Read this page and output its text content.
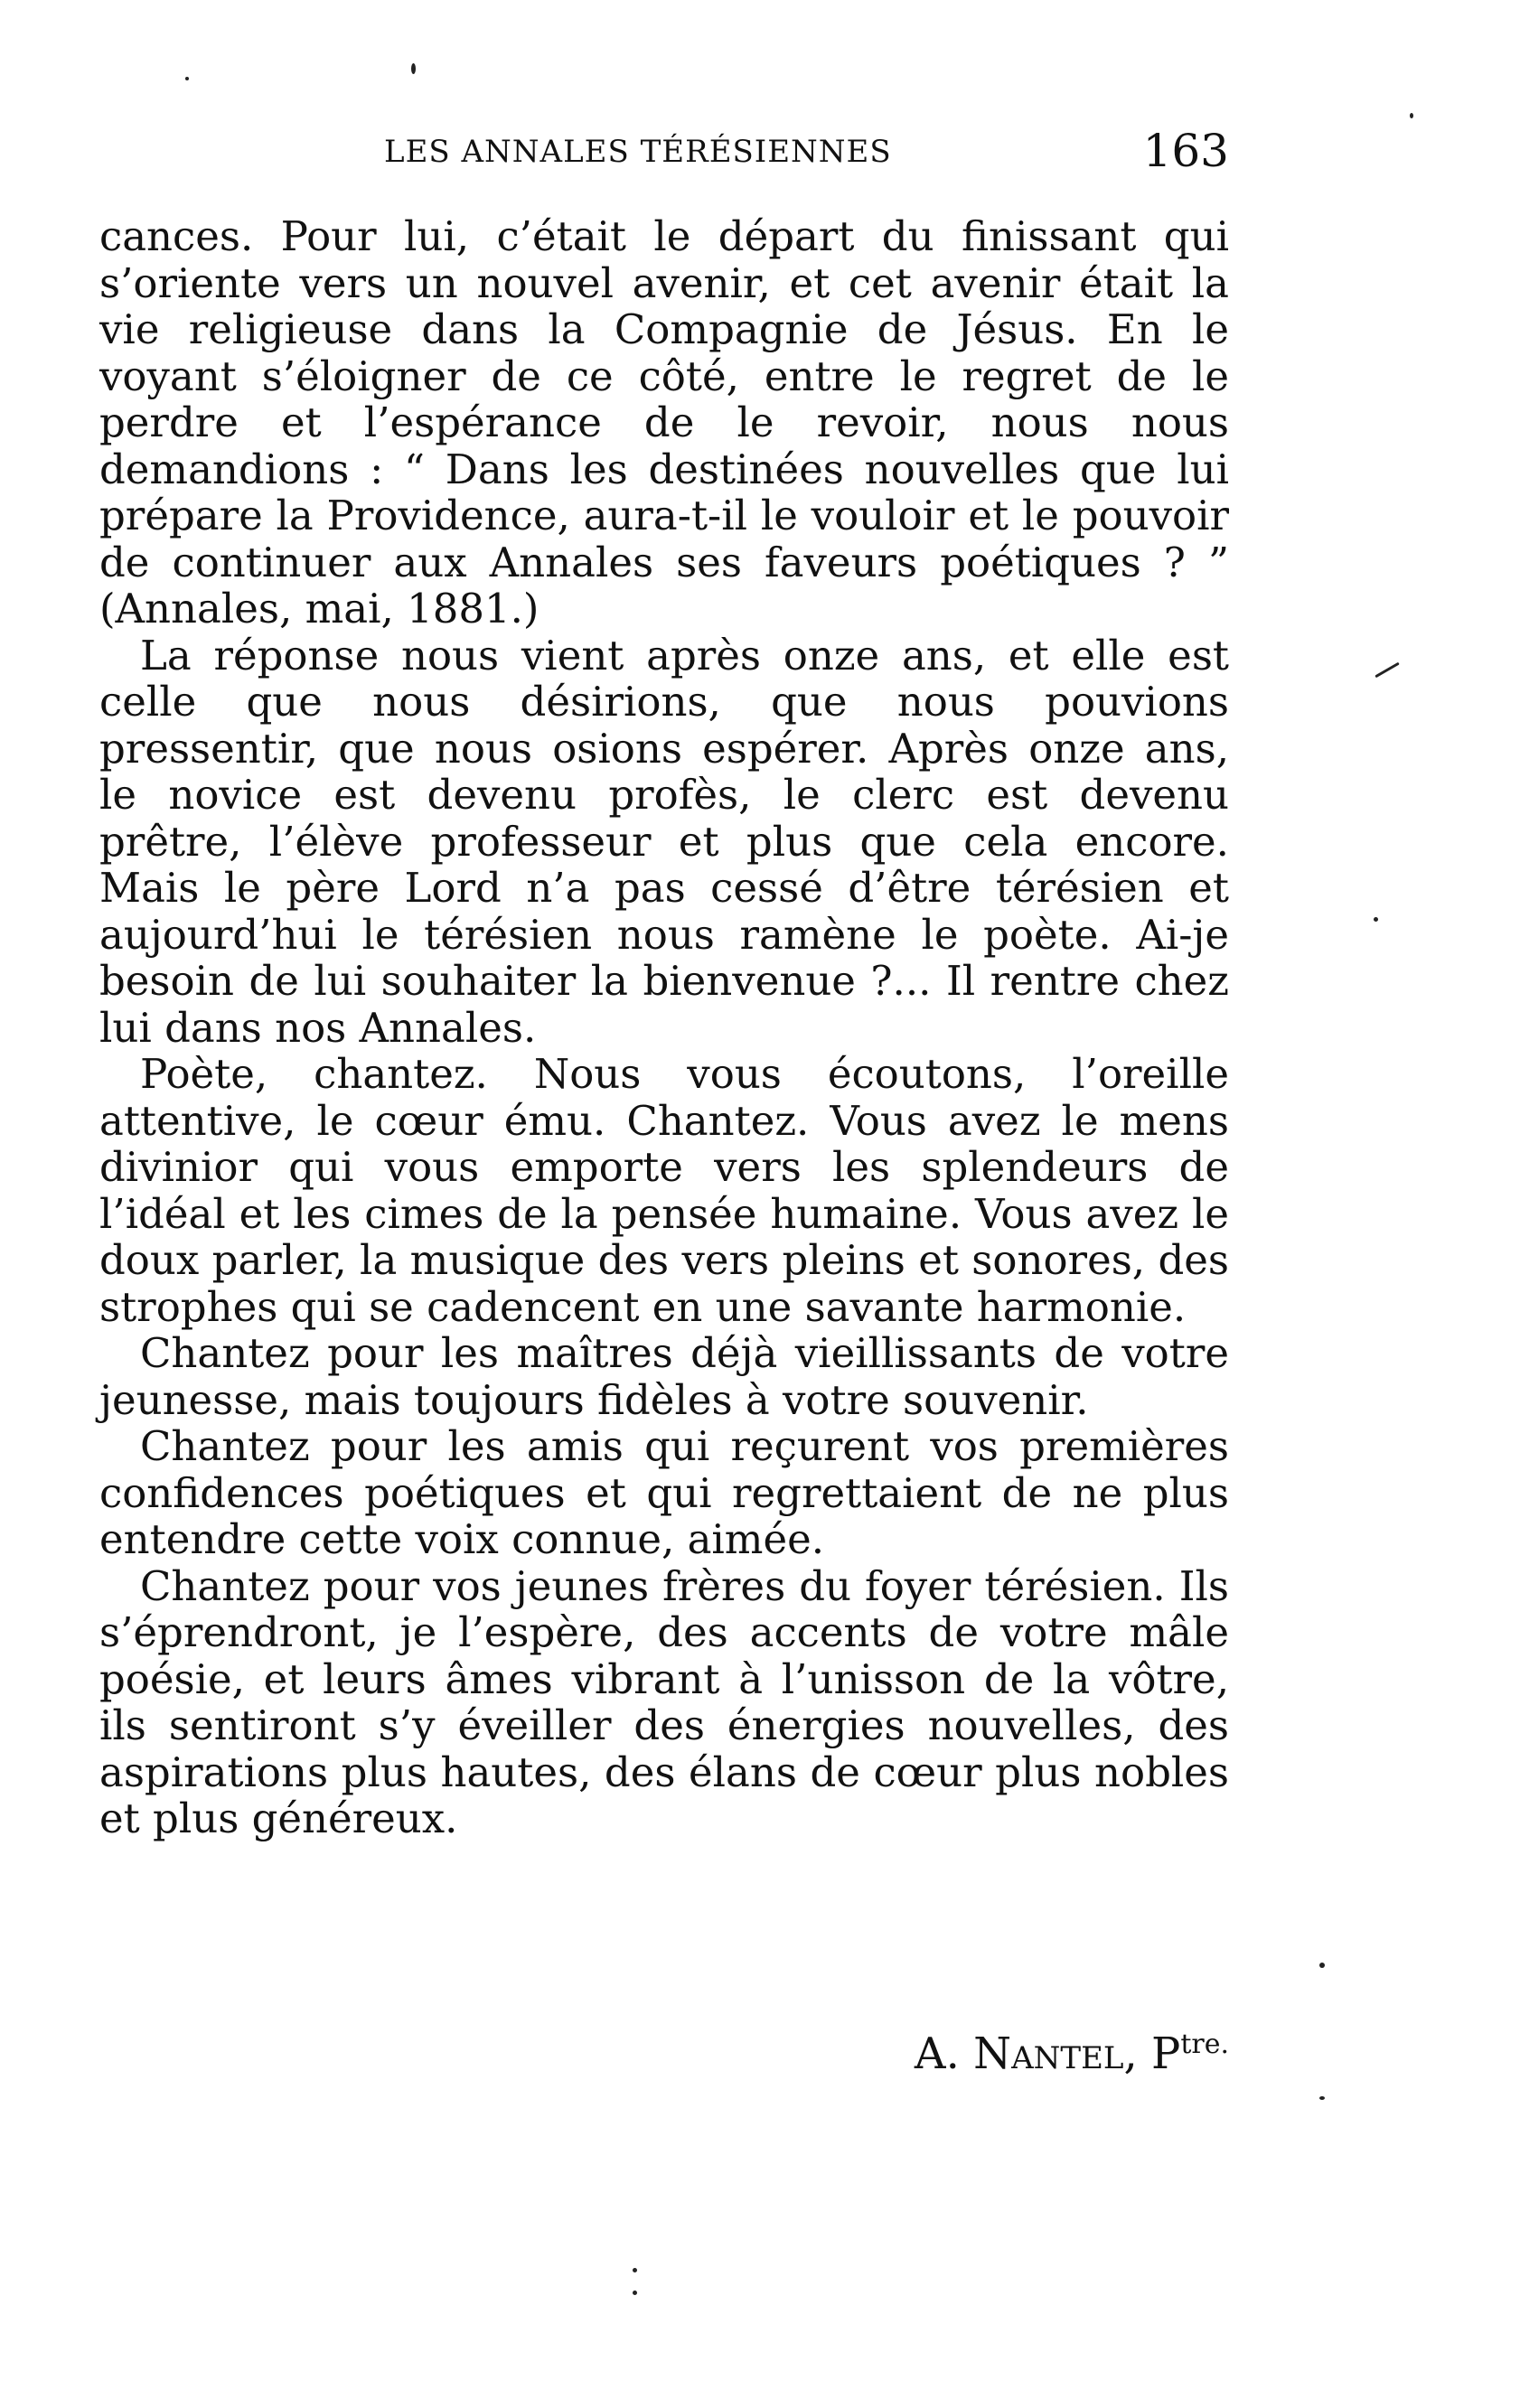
LES ANNALES TÉRÉSIENNES	163

cances. Pour lui, c’était le départ du finissant qui s’oriente vers un nouvel avenir, et cet avenir était la vie religieuse dans la Compagnie de Jésus. En le voyant s’éloigner de ce côté, entre le regret de le perdre et l’espérance de le revoir, nous nous demandions : “ Dans les destinées nouvelles que lui prépare la Providence, aura-t-il le vouloir et le pouvoir de continuer aux Annales ses faveurs poétiques ? ” (Annales, mai, 1881.)

La réponse nous vient après onze ans, et elle est celle que nous désirions, que nous pouvions pressentir, que nous osions espérer. Après onze ans, le novice est devenu profès, le clerc est devenu prêtre, l’élève professeur et plus que cela encore. Mais le père Lord n’a pas cessé d’être térésien et aujourd’hui le térésien nous ramène le poète. Ai-je besoin de lui souhaiter la bienvenue ?... Il rentre chez lui dans nos Annales.

Poète, chantez. Nous vous écoutons, l’oreille attentive, le cœur ému. Chantez. Vous avez le mens divinior qui vous emporte vers les splendeurs de l’idéal et les cimes de la pensée humaine. Vous avez le doux parler, la musique des vers pleins et sonores, des strophes qui se cadencent en une savante harmonie.

Chantez pour les maîtres déjà vieillissants de votre jeunesse, mais toujours fidèles à votre souvenir.

Chantez pour les amis qui reçurent vos premières confidences poétiques et qui regrettaient de ne plus entendre cette voix connue, aimée.

Chantez pour vos jeunes frères du foyer térésien. Ils s’éprendront, je l’espère, des accents de votre mâle poésie, et leurs âmes vibrant à l’unisson de la vôtre, ils sentiront s’y éveiller des énergies nouvelles, des aspirations plus hautes, des élans de cœur plus nobles et plus généreux.

A. Nantel, $P^{tre.}$
